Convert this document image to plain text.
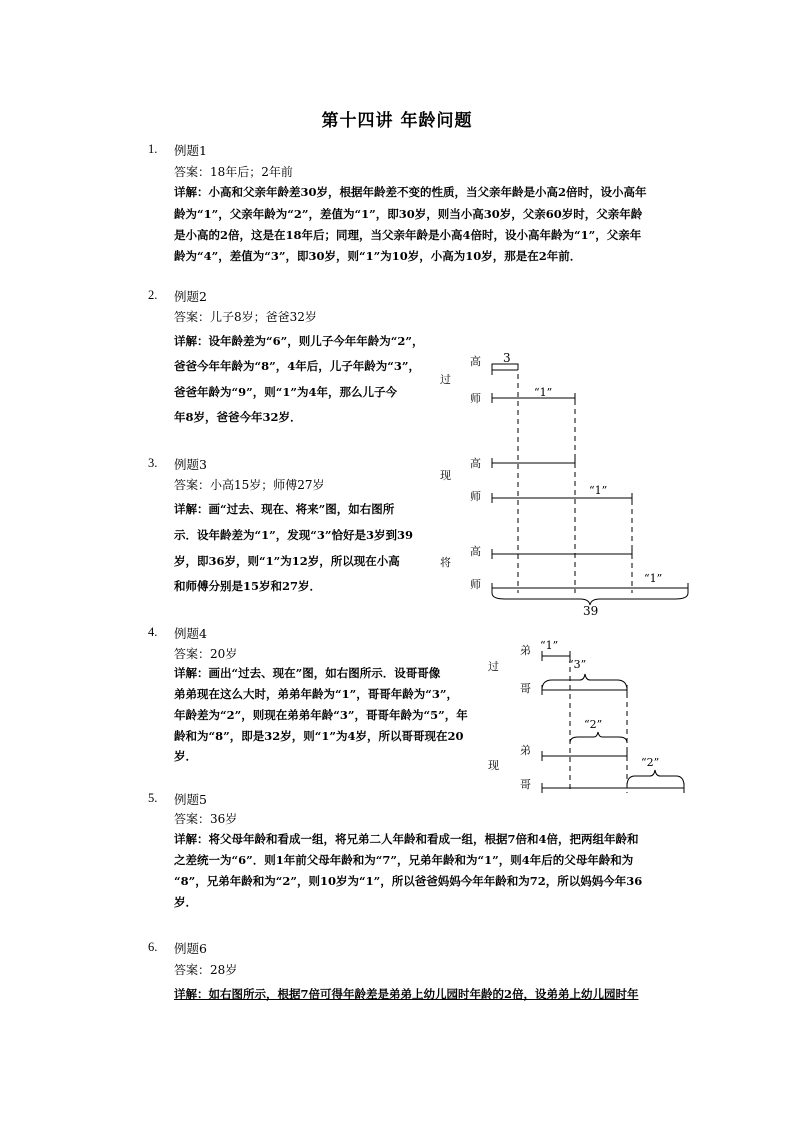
第十四讲 年龄问题
1. 例题1
答案：18年后；2年前
详解：小高和父亲年龄差30岁，根据年龄差不变的性质，当父亲年龄是小高2倍时，设小高年
龄为“1”，父亲年龄为“2”，差值为“1”，即30岁，则当小高30岁，父亲60岁时，父亲年龄
是小高的2倍，这是在18年后；同理，当父亲年龄是小高4倍时，设小高年龄为“1”，父亲年
龄为“4”，差值为“3”，即30岁，则“1”为10岁，小高为10岁，那是在2年前．
2. 例题2
答案：儿子8岁；爸爸32岁
详解：设年龄差为“6”，则儿子今年年龄为“2”，
爸爸今年年龄为“8”，4年后，儿子年龄为“3”，
爸爸年龄为“9”，则“1”为4年，那么儿子今
年8岁，爸爸今年32岁．
3. 例题3
答案：小高15岁；师傅27岁
详解：画“过去、现在、将来”图，如右图所
示．设年龄差为“1”，发现“3”恰好是3岁到39
岁，即36岁，则“1”为12岁，所以现在小高
和师傅分别是15岁和27岁．
4. 例题4
答案：20岁
详解：画出“过去、现在”图，如右图所示．设哥哥像
弟弟现在这么大时，弟弟年龄为“1”，哥哥年龄为“3”，
年龄差为“2”，则现在弟弟年龄“3”，哥哥年龄为“5”，年
龄和为“8”，即是32岁，则“1”为4岁，所以哥哥现在20
岁．
5. 例题5
答案：36岁
详解：将父母年龄和看成一组，将兄弟二人年龄和看成一组，根据7倍和4倍，把两组年龄和
之差统一为“6”．则1年前父母年龄和为“7”，兄弟年龄和为“1”，则4年后的父母年龄和为
“8”，兄弟年龄和为“2”，则10岁为“1”，所以爸爸妈妈今年年龄和为72，所以妈妈今年36
岁．
6. 例题6
答案：28岁
详解：如右图所示，根据7倍可得年龄差是弟弟上幼儿园时年龄的2倍，设弟弟上幼儿园时年
高
师
过
3
“1”
高
师
现
“1”
高
师
将
“1”
39
弟
哥
过
“1”
“3”
弟
哥
现
“2”
“2”
